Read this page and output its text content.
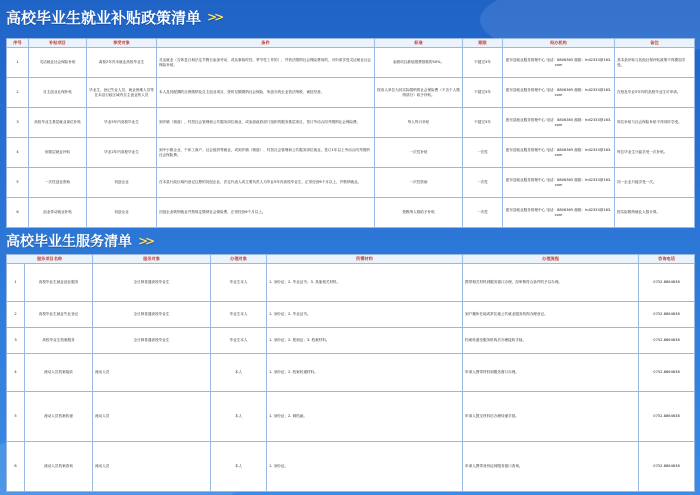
高校毕业生就业补贴政策清单 >>
序号	补贴项目	享受对象	条件	标准	期限	经办机构	备注
1	灵活就业社会保险补贴	离校2年内未就业高校毕业生	灵活就业（含休息日和法定节假日参加劳动，或从事临时性、季节性工作的），并依法缴纳社会保险费用的，可申请享受灵活就业社会保险补贴。	参照项目最低缴费基数的50%。	不超过3年	惠东县就业服务管理中心 电话：8806365 邮箱：hdl2333@163.com	其本条补贴与其他社保补贴政策不得叠加享受。
2	自主创业社保补贴	毕业生、登记失业人员、就业困难人员等在本县行政区域内自主创业的人员	本人及其配偶的社保缴纳及自主创业项目，按时足额缴纳社会保险，所创办的企业依法纳税、诚信经营。	按用人单位为其实际缴纳的社会保险费（不含个人缴纳部分）给予补贴。	不超过3年	惠东县就业服务管理中心 电话：8806365 邮箱：hdl2333@163.com	在校及毕业5年内的高校毕业生可申请。
3	高校毕业生基层就业岗位补贴	毕业5年内高校毕业生	到乡镇（街道）、村居社会管理和公共服务岗位就业，或参加政府部门组织的服务基层项目，签订劳动合同并缴纳社会保险费。	每人每月补贴	不超过3年	惠东县就业服务管理中心 电话：8806365 邮箱：hdl2333@163.com	岗位补贴与社会保险补贴不得同时享受。
4	到基层就业补贴	毕业2年内高校毕业生	到中小微企业、个体工商户、社会组织等就业，或到乡镇（街道）、村居社会管理和公共服务岗位就业，签订1年以上劳动合同并缴纳社会保险费。	一次性补贴	一次性	惠东县就业服务管理中心 电话：8806365 邮箱：hdl2333@163.com	每位毕业生只能享受一次补贴。
5	一次性创业资助	初创企业	在本县行政区域内登记注册的初创企业，法定代表人或主要负责人为毕业5年内高校毕业生，正常经营6个月以上，并吸纳就业。	一次性资助	一次性	惠东县就业服务管理中心 电话：8806365 邮箱：hdl2333@163.com	同一企业只能享受一次。
6	创业带动就业补贴	初创企业	初创企业吸纳就业并按规定缴纳社会保险费，正常经营6个月以上。	按吸纳人数给予补贴	一次性	惠东县就业服务管理中心 电话：8806365 邮箱：hdl2333@163.com	按实际吸纳就业人数计算。
高校毕业生服务清单 >>
服务项目名称		服务对象	办理对象	所需材料	办理流程	咨询电话
1	高校毕业生就业创业服务	全日制普通高校毕业生	毕业生本人	1. 身份证；2. 毕业证书；3. 其他相关材料。	携带相关材料到服务窗口办理，经审核符合条件的予以办理。	0752-8864638
2	高校毕业生就业失业登记	全日制普通高校毕业生	毕业生本人	1. 身份证；2. 毕业证书。	到户籍所在地或常住地公共就业服务机构办理登记。	0752-8864638
3	高校毕业生档案服务	全日制普通高校毕业生	毕业生本人	1. 身份证；2. 报到证；3. 档案材料。	档案转递至服务机构后办理接收手续。	0752-8864638
4	流动人员档案接收	流动人员	本人	1. 身份证；2. 档案转递材料。	申请人携带材料到服务窗口办理。	0752-8864638
5	流动人员档案转递	流动人员	本人	1. 身份证；2. 调档函。	申请人提交材料后办理转递手续。	0752-8864638
6	流动人员档案查询	流动人员	本人	1. 身份证。	申请人携带身份证到服务窗口查询。	0752-8864638
